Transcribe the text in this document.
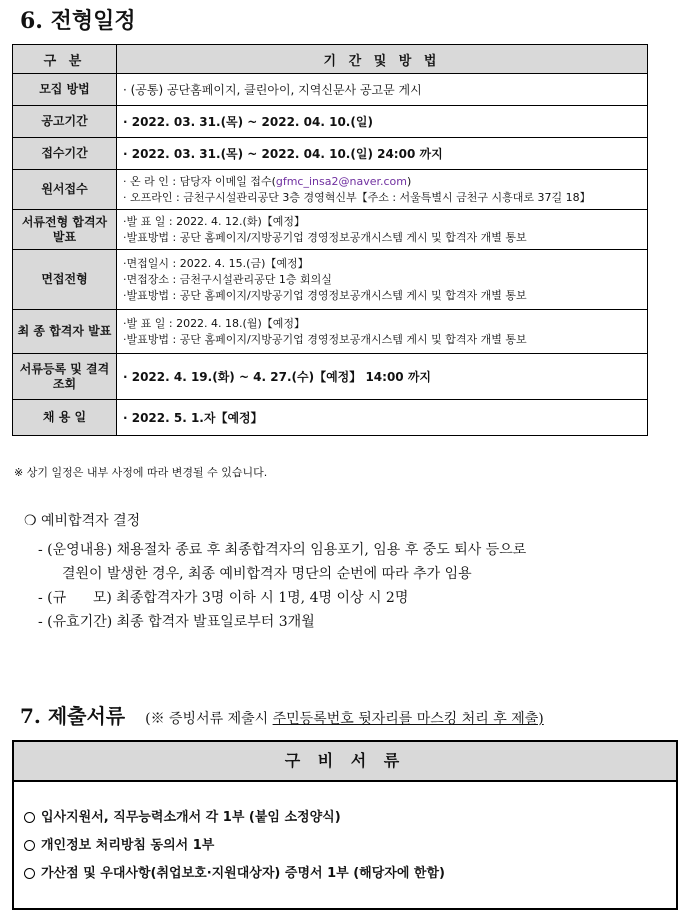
6. 전형일정
구 분	기 간 및 방 법
모집 방법	· (공통) 공단홈페이지, 클린아이, 지역신문사 공고문 게시

공고기간	· 2022. 03. 31.(목) ~ 2022. 04. 10.(일)

접수기간	· 2022. 03. 31.(목) ~ 2022. 04. 10.(일) 24:00 까지

원서접수	· 온 라 인 : 담당자 이메일 접수(gfmc_insa2@naver.com)
· 오프라인 : 금천구시설관리공단 3층 경영혁신부【주소 : 서울특별시 금천구 시흥대로 37길 18】

서류전형 합격자 발표	·발 표 일 : 2022. 4. 12.(화)【예정】
·발표방법 : 공단 홈페이지/지방공기업 경영정보공개시스템 게시 및 합격자 개별 통보

면접전형	·면접일시 : 2022. 4. 15.(금)【예정】
·면접장소 : 금천구시설관리공단 1층 회의실
·발표방법 : 공단 홈페이지/지방공기업 경영정보공개시스템 게시 및 합격자 개별 통보

최 종 합격자 발표	·발 표 일 : 2022. 4. 18.(월)【예정】
·발표방법 : 공단 홈페이지/지방공기업 경영정보공개시스템 게시 및 합격자 개별 통보

서류등록 및 결격조회	· 2022. 4. 19.(화) ~ 4. 27.(수)【예정】 14:00 까지

채 용 일	· 2022. 5. 1.자【예정】
※ 상기 일정은 내부 사정에 따라 변경될 수 있습니다.
❍ 예비합격자 결정
- (운영내용) 채용절차 종료 후 최종합격자의 임용포기, 임용 후 중도 퇴사 등으로
결원이 발생한 경우, 최종 예비합격자 명단의 순번에 따라 추가 임용
- (규      모) 최종합격자가 3명 이하 시 1명, 4명 이상 시 2명
- (유효기간) 최종 합격자 발표일로부터 3개월
7. 제출서류 (※ 증빙서류 제출시 주민등록번호 뒷자리를 마스킹 처리 후 제출)
구 비 서 류
입사지원서, 직무능력소개서 각 1부 (붙임 소정양식)
개인정보 처리방침 동의서 1부
가산점 및 우대사항(취업보호·지원대상자) 증명서 1부 (해당자에 한함)
